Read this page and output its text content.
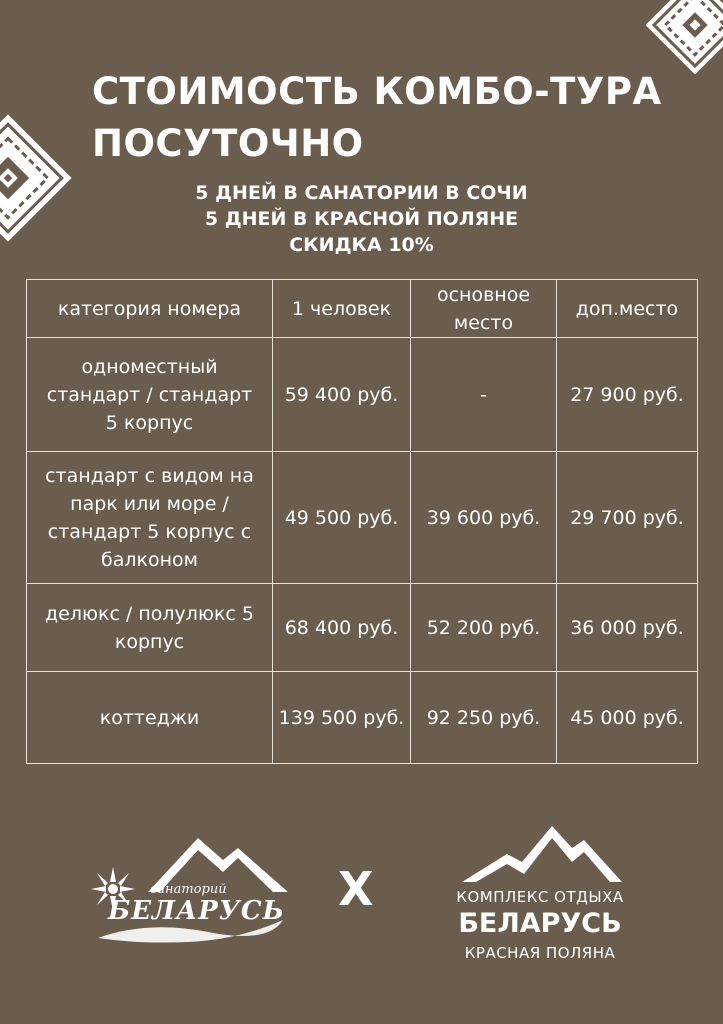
СТОИМОСТЬ КОМБО-ТУРА
ПОСУТОЧНО
5 ДНЕЙ В САНАТОРИИ В СОЧИ
5 ДНЕЙ В КРАСНОЙ ПОЛЯНЕ
СКИДКА 10%
категория номера	1 человек	основное место	доп.место
одноместный стандарт / стандарт 5 корпус	59 400 руб.	-	27 900 руб.
стандарт с видом на парк или море / стандарт 5 корпус с балконом	49 500 руб.	39 600 руб.	29 700 руб.
делюкс / полулюкс 5 корпус	68 400 руб.	52 200 руб.	36 000 руб.
коттеджи	139 500 руб.	92 250 руб.	45 000 руб.
санаторий
БЕЛАРУСЬ X	КОМПЛЕКС ОТДЫХА
БЕЛАРУСЬ
КРАСНАЯ ПОЛЯНА
